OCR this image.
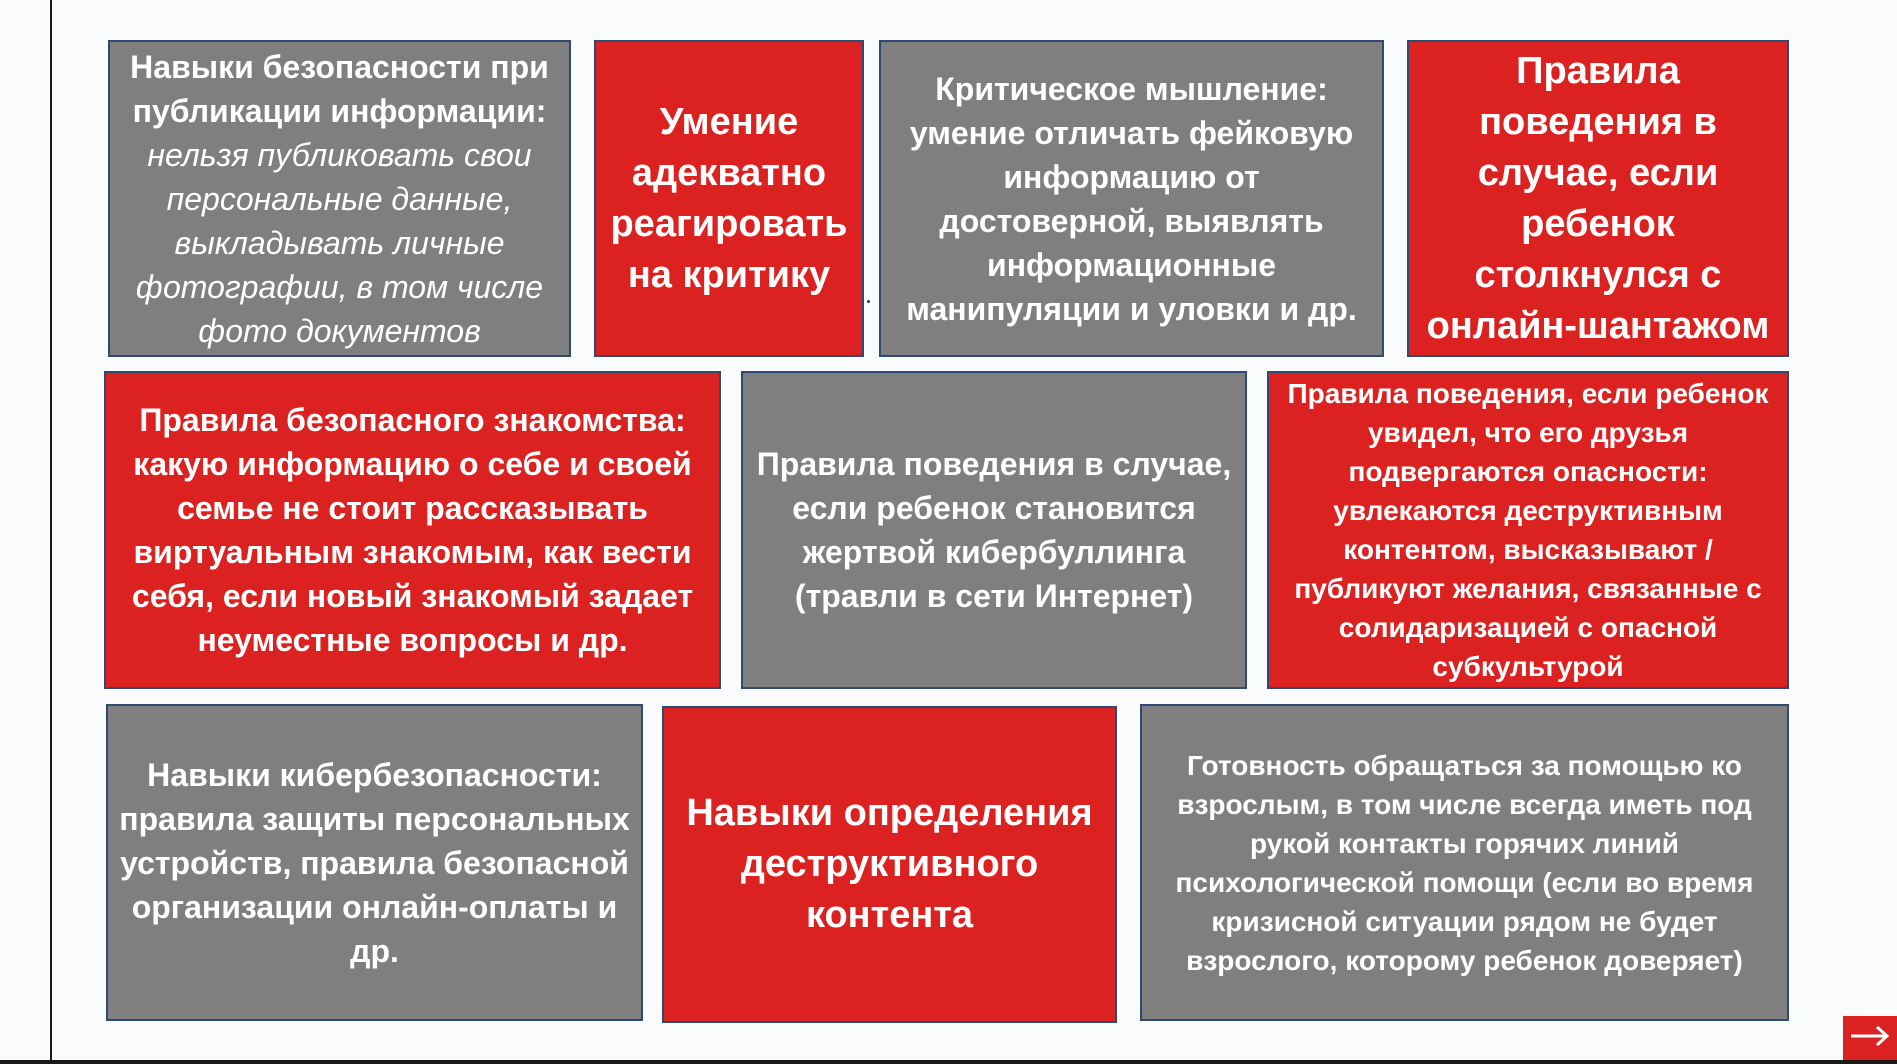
Навыки безопасности при публикации информации:
нельзя публиковать свои персональные данные, выкладывать личные фотографии, в том числе фото документов
Умение адекватно реагировать на критику
Критическое мышление: умение отличать фейковую информацию от достоверной, выявлять информационные манипуляции и уловки и др.
Правила поведения в случае, если ребенок столкнулся с онлайн-шантажом
Правила безопасного знакомства: какую информацию о себе и своей семье не стоит рассказывать виртуальным знакомым, как вести себя, если новый знакомый задает неуместные вопросы и др.
Правила поведения в случае, если ребенок становится жертвой кибербуллинга (травли в сети Интернет)
Правила поведения, если ребенок увидел, что его друзья подвергаются опасности: увлекаются деструктивным контентом, высказывают / публикуют желания, связанные с солидаризацией с опасной субкультурой
Навыки кибербезопасности: правила защиты персональных устройств, правила безопасной организации онлайн-оплаты и др.
Навыки определения деструктивного контента
Готовность обращаться за помощью ко взрослым, в том числе всегда иметь под рукой контакты горячих линий психологической помощи (если во время кризисной ситуации рядом не будет взрослого, которому ребенок доверяет)
